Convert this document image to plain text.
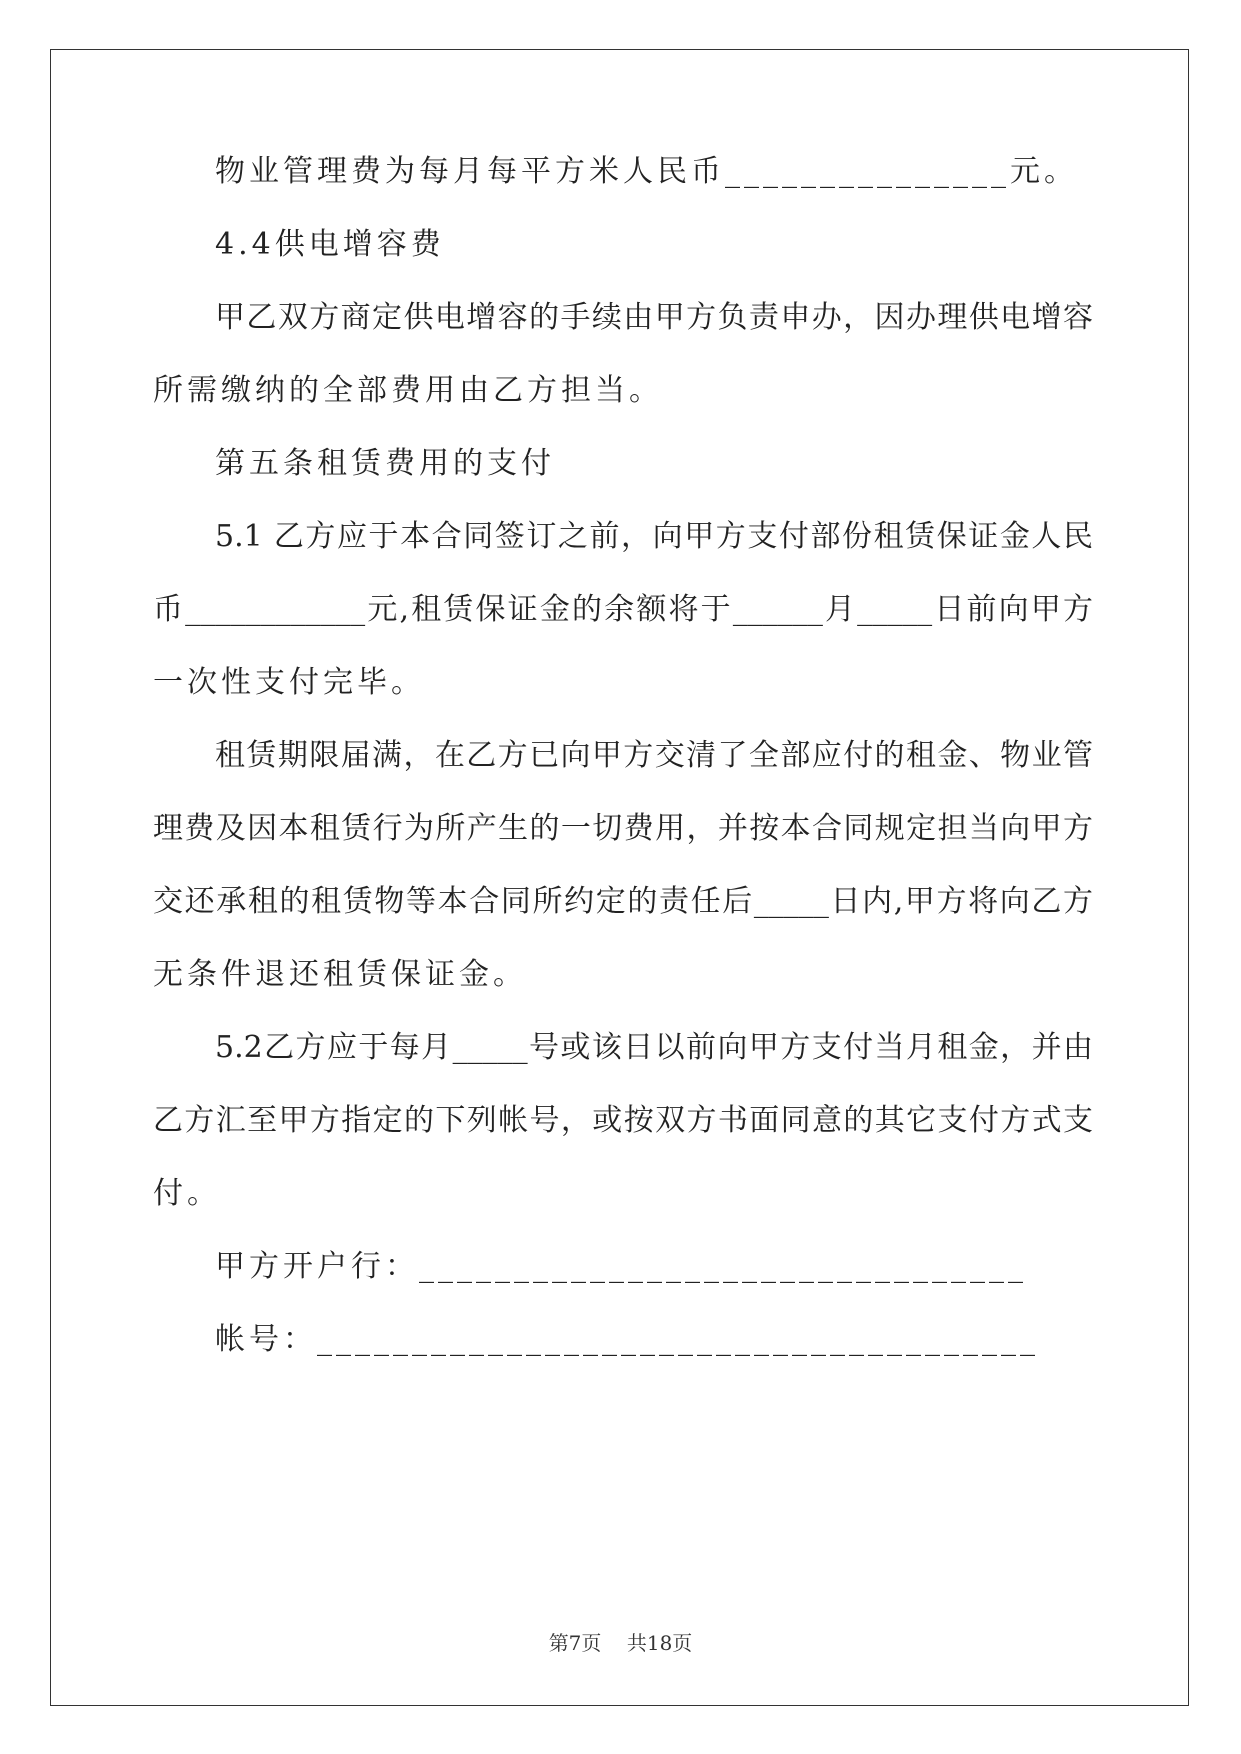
物业管理费为每月每平方米人民币_______________元。
4.4供电增容费
甲乙双方商定供电增容的手续由甲方负责申办，因办理供电增容
所需缴纳的全部费用由乙方担当。
第五条租赁费用的支付
5.1 乙方应于本合同签订之前，向甲方支付部份租赁保证金人民
币____________元,租赁保证金的余额将于______月_____日前向甲方
一次性支付完毕。
租赁期限届满，在乙方已向甲方交清了全部应付的租金、物业管
理费及因本租赁行为所产生的一切费用，并按本合同规定担当向甲方
交还承租的租赁物等本合同所约定的责任后_____日内,甲方将向乙方
无条件退还租赁保证金。
5.2乙方应于每月_____号或该日以前向甲方支付当月租金，并由
乙方汇至甲方指定的下列帐号，或按双方书面同意的其它支付方式支
付。
甲方开户行：________________________________
帐号：______________________________________
第7页    共18页
